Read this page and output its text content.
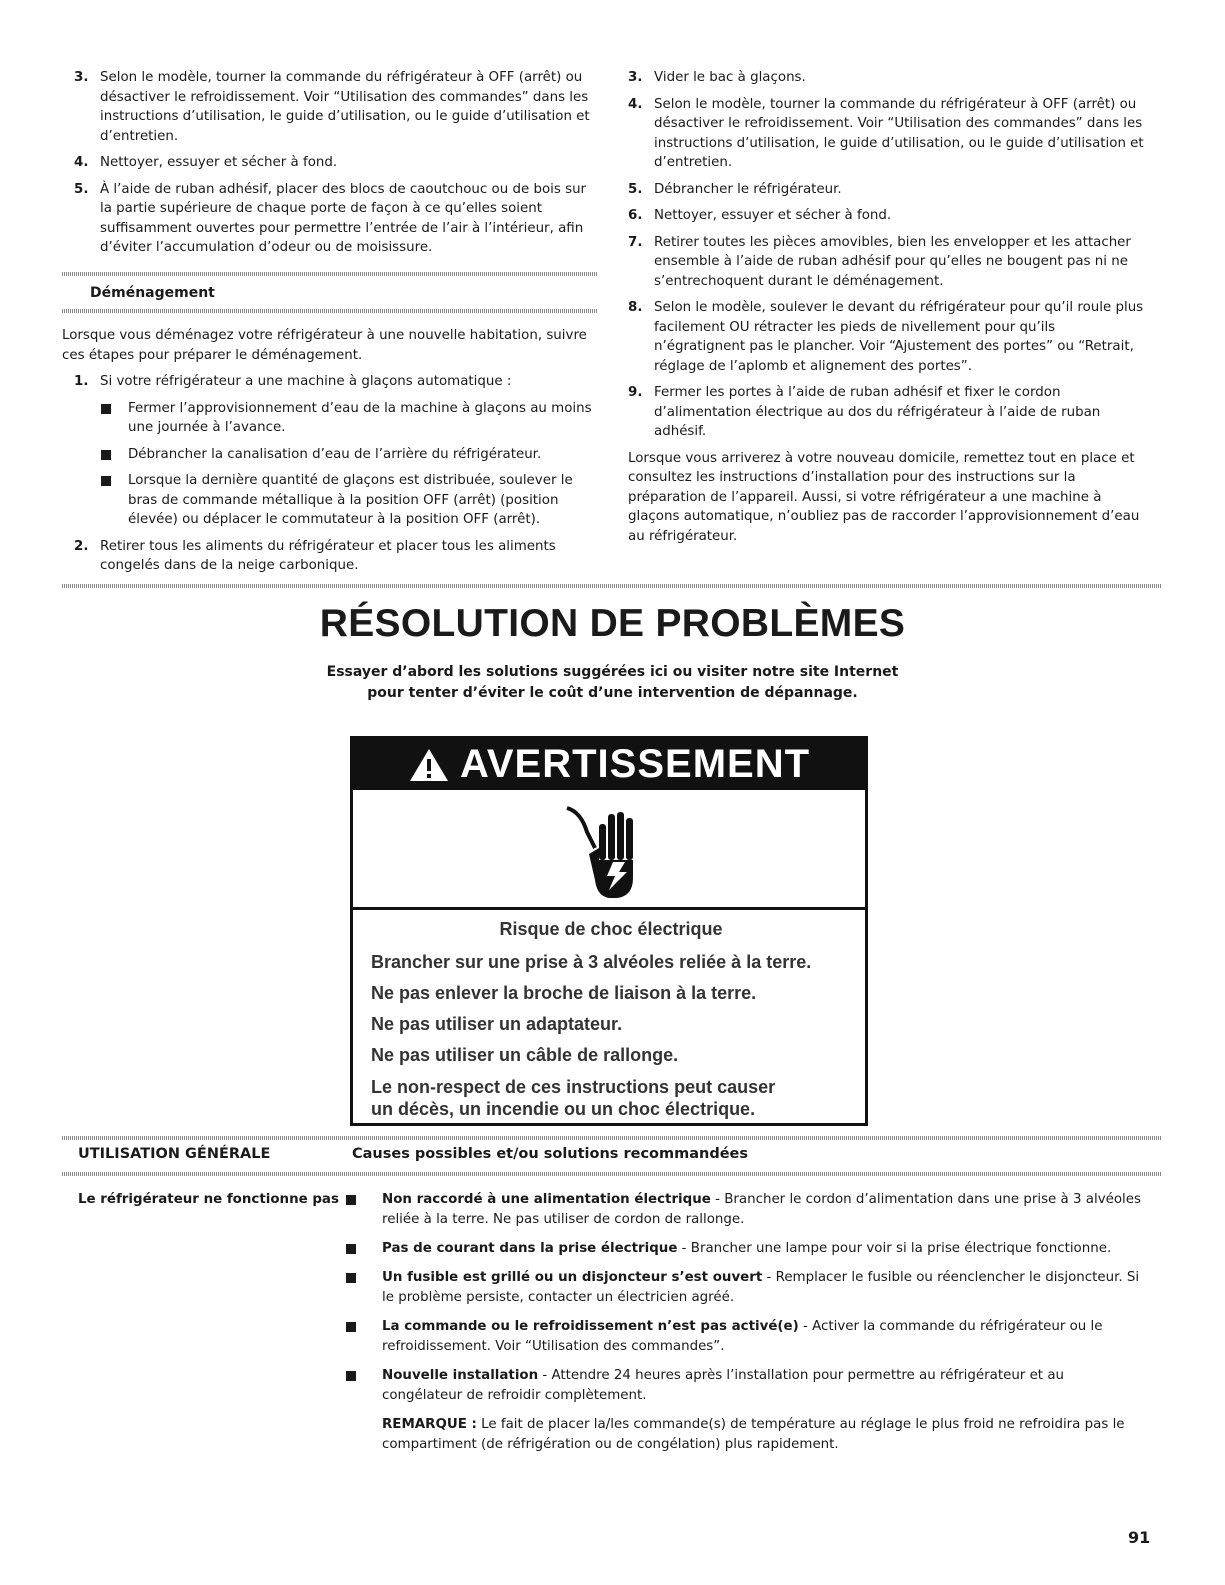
3. Selon le modèle, tourner la commande du réfrigérateur à OFF (arrêt) ou désactiver le refroidissement. Voir “Utilisation des commandes” dans les instructions d’utilisation, le guide d’utilisation, ou le guide d’utilisation et d’entretien.
4. Nettoyer, essuyer et sécher à fond.
5. À l’aide de ruban adhésif, placer des blocs de caoutchouc ou de bois sur la partie supérieure de chaque porte de façon à ce qu’elles soient suffisamment ouvertes pour permettre l’entrée de l’air à l’intérieur, afin d’éviter l’accumulation d’odeur ou de moisissure.
Déménagement

Lorsque vous déménagez votre réfrigérateur à une nouvelle habitation, suivre ces étapes pour préparer le déménagement.

1. Si votre réfrigérateur a une machine à glaçons automatique :
Fermer l’approvisionnement d’eau de la machine à glaçons au moins une journée à l’avance.
Débrancher la canalisation d’eau de l’arrière du réfrigérateur.
Lorsque la dernière quantité de glaçons est distribuée, soulever le bras de commande métallique à la position OFF (arrêt) (position élevée) ou déplacer le commutateur à la position OFF (arrêt).
2. Retirer tous les aliments du réfrigérateur et placer tous les aliments congelés dans de la neige carbonique.
3. Vider le bac à glaçons.
4. Selon le modèle, tourner la commande du réfrigérateur à OFF (arrêt) ou désactiver le refroidissement. Voir “Utilisation des commandes” dans les instructions d’utilisation, le guide d’utilisation, ou le guide d’utilisation et d’entretien.
5. Débrancher le réfrigérateur.
6. Nettoyer, essuyer et sécher à fond.
7. Retirer toutes les pièces amovibles, bien les envelopper et les attacher ensemble à l’aide de ruban adhésif pour qu’elles ne bougent pas ni ne s’entrechoquent durant le déménagement.
8. Selon le modèle, soulever le devant du réfrigérateur pour qu’il roule plus facilement OU rétracter les pieds de nivellement pour qu’ils n’égratignent pas le plancher. Voir “Ajustement des portes” ou “Retrait, réglage de l’aplomb et alignement des portes”.
9. Fermer les portes à l’aide de ruban adhésif et fixer le cordon d’alimentation électrique au dos du réfrigérateur à l’aide de ruban adhésif.

Lorsque vous arriverez à votre nouveau domicile, remettez tout en place et consultez les instructions d’installation pour des instructions sur la préparation de l’appareil. Aussi, si votre réfrigérateur a une machine à glaçons automatique, n’oubliez pas de raccorder l’approvisionnement d’eau au réfrigérateur.

RÉSOLUTION DE PROBLÈMES
Essayer d’abord les solutions suggérées ici ou visiter notre site Internet
pour tenter d’éviter le coût d’une intervention de dépannage.
AVERTISSEMENT
Risque de choc électrique
Brancher sur une prise à 3 alvéoles reliée à la terre.
Ne pas enlever la broche de liaison à la terre.
Ne pas utiliser un adaptateur.
Ne pas utiliser un câble de rallonge.
Le non-respect de ces instructions peut causer
un décès, un incendie ou un choc électrique.
UTILISATION GÉNÉRALE	Causes possibles et/ou solutions recommandées
Le réfrigérateur ne fonctionne pas	Non raccordé à une alimentation électrique - Brancher le cordon d’alimentation dans une prise à 3 alvéoles reliée à la terre. Ne pas utiliser de cordon de rallonge.
Pas de courant dans la prise électrique - Brancher une lampe pour voir si la prise électrique fonctionne.
Un fusible est grillé ou un disjoncteur s’est ouvert - Remplacer le fusible ou réenclencher le disjoncteur. Si le problème persiste, contacter un électricien agréé.
La commande ou le refroidissement n’est pas activé(e) - Activer la commande du réfrigérateur ou le refroidissement. Voir “Utilisation des commandes”.
Nouvelle installation - Attendre 24 heures après l’installation pour permettre au réfrigérateur et au congélateur de refroidir complètement.
REMARQUE : Le fait de placer la/les commande(s) de température au réglage le plus froid ne refroidira pas le compartiment (de réfrigération ou de congélation) plus rapidement.
91
